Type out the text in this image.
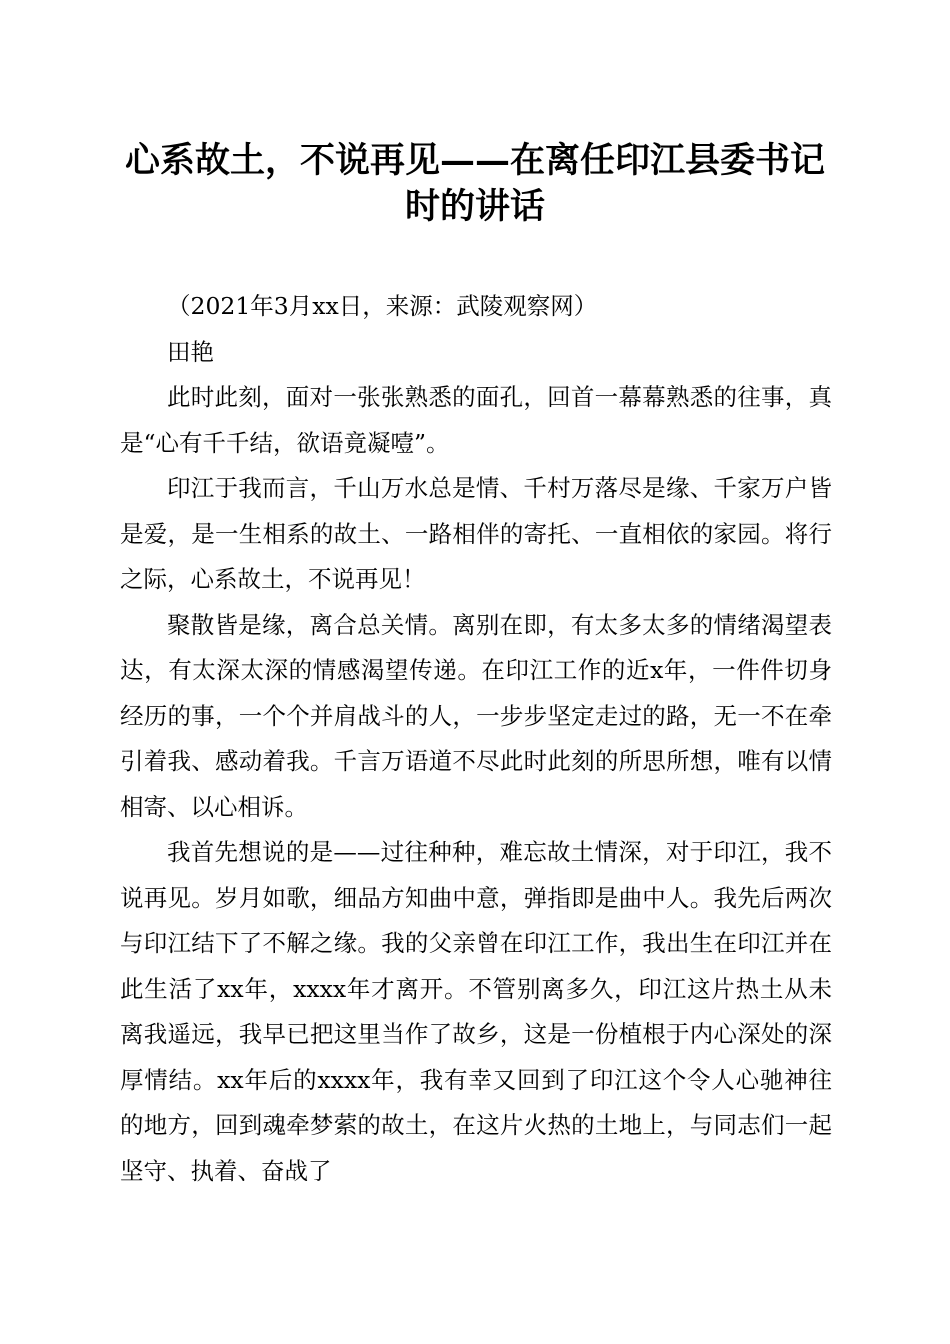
心系故土，不说再见——在离任印江县委书记
时的讲话

（2021年3月xx日，来源：武陵观察网）

田艳

此时此刻，面对一张张熟悉的面孔，回首一幕幕熟悉的往事，真是“心有千千结，欲语竟凝噎”。

印江于我而言，千山万水总是情、千村万落尽是缘、千家万户皆是爱，是一生相系的故土、一路相伴的寄托、一直相依的家园。将行之际，心系故土，不说再见！

聚散皆是缘，离合总关情。离别在即，有太多太多的情绪渴望表达，有太深太深的情感渴望传递。在印江工作的近x年，一件件切身经历的事，一个个并肩战斗的人，一步步坚定走过的路，无一不在牵引着我、感动着我。千言万语道不尽此时此刻的所思所想，唯有以情相寄、以心相诉。

我首先想说的是——过往种种，难忘故土情深，对于印江，我不说再见。岁月如歌，细品方知曲中意，弹指即是曲中人。我先后两次与印江结下了不解之缘。我的父亲曾在印江工作，我出生在印江并在此生活了xx年，xxxx年才离开。不管别离多久，印江这片热土从未离我遥远，我早已把这里当作了故乡，这是一份植根于内心深处的深厚情结。xx年后的xxxx年，我有幸又回到了印江这个令人心驰神往的地方，回到魂牵梦萦的故土，在这片火热的土地上，与同志们一起坚守、执着、奋战了
